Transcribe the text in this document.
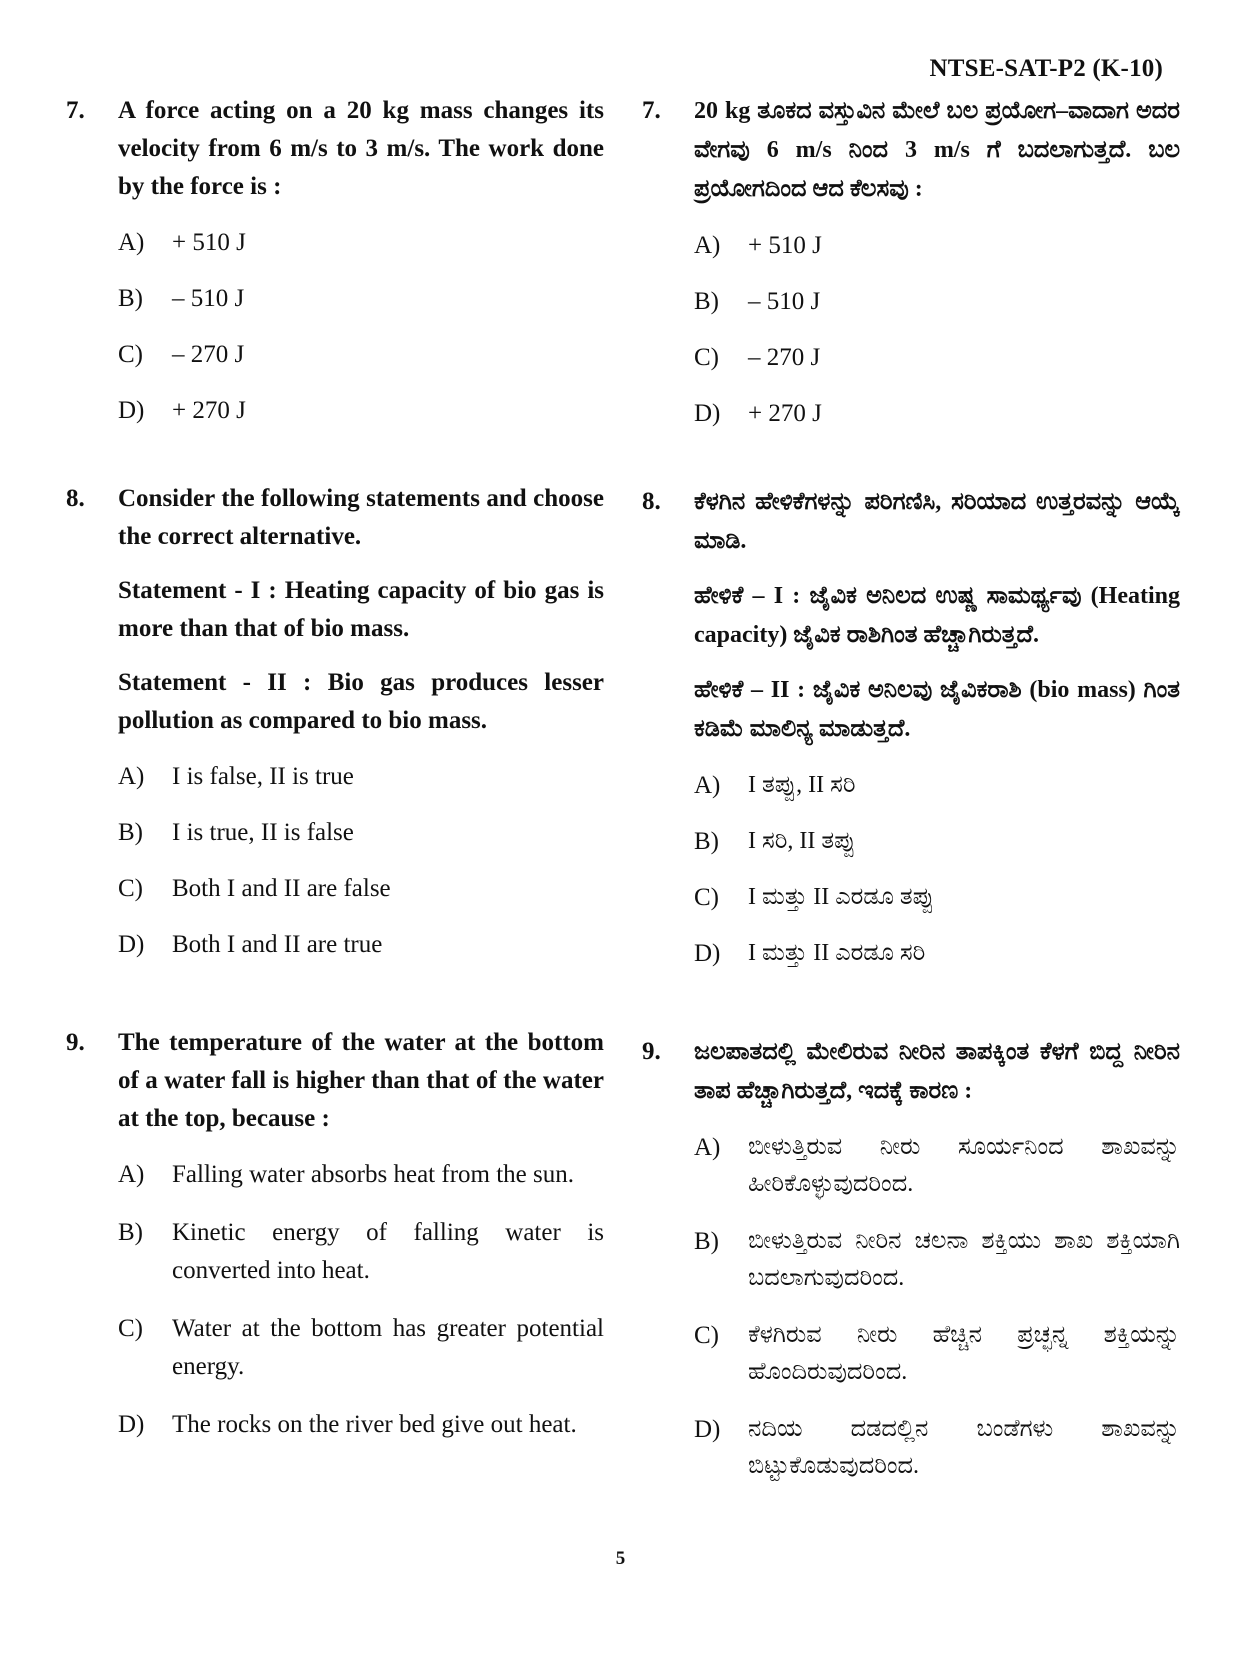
NTSE-SAT-P2 (K-10)
7.	A force acting on a 20 kg mass changes its velocity from 6 m/s to 3 m/s. The work done by the force is :
A)	+ 510 J
B)	– 510 J
C)	– 270 J
D)	+ 270 J
8.	Consider the following statements and choose the correct alternative.
Statement - I : Heating capacity of bio gas is more than that of bio mass.
Statement - II : Bio gas produces lesser pollution as compared to bio mass.
A)	I is false, II is true
B)	I is true, II is false
C)	Both I and II are false
D)	Both I and II are true
9.	The temperature of the water at the bottom of a water fall is higher than that of the water at the top, because :
A)	Falling water absorbs heat from the sun.
B)	Kinetic energy of falling water is converted into heat.
C)	Water at the bottom has greater potential energy.
D)	The rocks on the river bed give out heat.
7.	20 kg ತೂಕದ ವಸ್ತುವಿನ ಮೇಲೆ ಬಲ ಪ್ರಯೋಗ–ವಾದಾಗ ಅದರ ವೇಗವು 6 m/s ನಿಂದ 3 m/s ಗೆ ಬದಲಾಗುತ್ತದೆ. ಬಲ ಪ್ರಯೋಗದಿಂದ ಆದ ಕೆಲಸವು :
A)	+ 510 J
B)	– 510 J
C)	– 270 J
D)	+ 270 J
8.	ಕೆಳಗಿನ ಹೇಳಿಕೆಗಳನ್ನು ಪರಿಗಣಿಸಿ, ಸರಿಯಾದ ಉತ್ತರವನ್ನು ಆಯ್ಕೆ ಮಾಡಿ.
ಹೇಳಿಕೆ – I : ಜೈವಿಕ ಅನಿಲದ ಉಷ್ಣ ಸಾಮರ್ಥ್ಯವು (Heating capacity) ಜೈವಿಕ ರಾಶಿಗಿಂತ ಹೆಚ್ಚಾಗಿರುತ್ತದೆ.
ಹೇಳಿಕೆ – II : ಜೈವಿಕ ಅನಿಲವು ಜೈವಿಕರಾಶಿ (bio mass) ಗಿಂತ ಕಡಿಮೆ ಮಾಲಿನ್ಯ ಮಾಡುತ್ತದೆ.
A)	I ತಪ್ಪು, II ಸರಿ
B)	I ಸರಿ, II ತಪ್ಪು
C)	I ಮತ್ತು II ಎರಡೂ ತಪ್ಪು
D)	I ಮತ್ತು II ಎರಡೂ ಸರಿ
9.	ಜಲಪಾತದಲ್ಲಿ ಮೇಲಿರುವ ನೀರಿನ ತಾಪಕ್ಕಿಂತ ಕೆಳಗೆ ಬಿದ್ದ ನೀರಿನ ತಾಪ ಹೆಚ್ಚಾಗಿರುತ್ತದೆ, ಇದಕ್ಕೆ ಕಾರಣ :
A)	ಬೀಳುತ್ತಿರುವ ನೀರು ಸೂರ್ಯನಿಂದ ಶಾಖವನ್ನು ಹೀರಿಕೊಳ್ಳುವುದರಿಂದ.
B)	ಬೀಳುತ್ತಿರುವ ನೀರಿನ ಚಲನಾ ಶಕ್ತಿಯು ಶಾಖ ಶಕ್ತಿಯಾಗಿ ಬದಲಾಗುವುದರಿಂದ.
C)	ಕೆಳಗಿರುವ ನೀರು ಹೆಚ್ಚಿನ ಪ್ರಚ್ಛನ್ನ ಶಕ್ತಿಯನ್ನು ಹೊಂದಿರುವುದರಿಂದ.
D)	ನದಿಯ ದಡದಲ್ಲಿನ ಬಂಡೆಗಳು ಶಾಖವನ್ನು ಬಿಟ್ಟುಕೊಡುವುದರಿಂದ.
5
